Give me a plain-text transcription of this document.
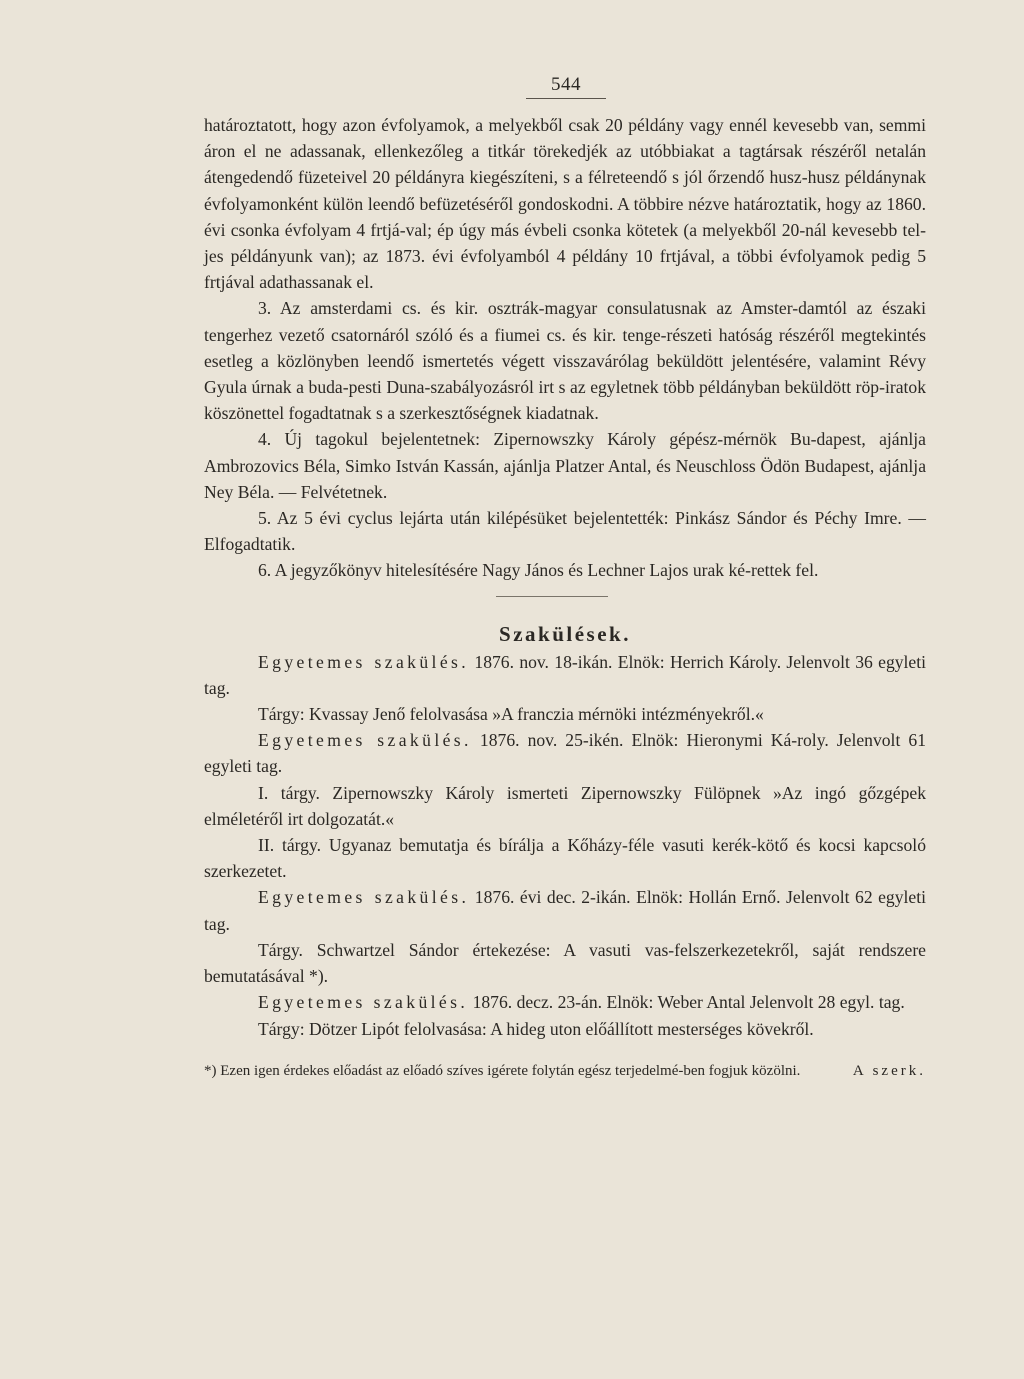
544

határoztatott, hogy azon évfolyamok, a melyekből csak 20 példány vagy ennél kevesebb van, semmi áron el ne adassanak, ellenkezőleg a titkár törekedjék az utóbbiakat a tagtársak részéről netalán átengedendő füzeteivel 20 példányra kiegészíteni, s a félreteendő s jól őrzendő husz-husz példánynak évfolyamonként külön leendő befüzetéséről gondoskodni. A többire nézve határoztatik, hogy az 1860. évi csonka évfolyam 4 frtjá-val; ép úgy más évbeli csonka kötetek (a melyekből 20-nál kevesebb tel-jes példányunk van); az 1873. évi évfolyamból 4 példány 10 frtjával, a többi évfolyamok pedig 5 frtjával adathassanak el.

3. Az amsterdami cs. és kir. osztrák-magyar consulatusnak az Amster-damtól az északi tengerhez vezető csatornáról szóló és a fiumei cs. és kir. tenge-részeti hatóság részéről megtekintés esetleg a közlönyben leendő ismertetés végett visszavárólag beküldött jelentésére, valamint Révy Gyula úrnak a buda-pesti Duna-szabályozásról irt s az egyletnek több példányban beküldött röp-iratok köszönettel fogadtatnak s a szerkesztőségnek kiadatnak.

4. Új tagokul bejelentetnek: Zipernowszky Károly gépész-mérnök Bu-dapest, ajánlja Ambrozovics Béla, Simko István Kassán, ajánlja Platzer Antal, és Neuschloss Ödön Budapest, ajánlja Ney Béla. — Felvétetnek.

5. Az 5 évi cyclus lejárta után kilépésüket bejelentették: Pinkász Sándor és Péchy Imre. — Elfogadtatik.

6. A jegyzőkönyv hitelesítésére Nagy János és Lechner Lajos urak ké-rettek fel.

Szakülések.

Egyetemes szakülés. 1876. nov. 18-ikán. Elnök: Herrich Károly. Jelenvolt 36 egyleti tag.

Tárgy: Kvassay Jenő felolvasása »A franczia mérnöki intézményekről.«

Egyetemes szakülés. 1876. nov. 25-ikén. Elnök: Hieronymi Ká-roly. Jelenvolt 61 egyleti tag.

I. tárgy. Zipernowszky Károly ismerteti Zipernowszky Fülöpnek »Az ingó gőzgépek elméletéről irt dolgozatát.«

II. tárgy. Ugyanaz bemutatja és bírálja a Kőházy-féle vasuti kerék-kötő és kocsi kapcsoló szerkezetet.

Egyetemes szakülés. 1876. évi dec. 2-ikán. Elnök: Hollán Ernő. Jelenvolt 62 egyleti tag.

Tárgy. Schwartzel Sándor értekezése: A vasuti vas-felszerkezetekről, saját rendszere bemutatásával *).

Egyetemes szakülés. 1876. decz. 23-án. Elnök: Weber Antal Jelenvolt 28 egyl. tag.

Tárgy: Dötzer Lipót felolvasása: A hideg uton előállított mesterséges kövekről.

*) Ezen igen érdekes előadást az előadó szíves igérete folytán egész terjedelmé-ben fogjuk közölni.	A szerk.
